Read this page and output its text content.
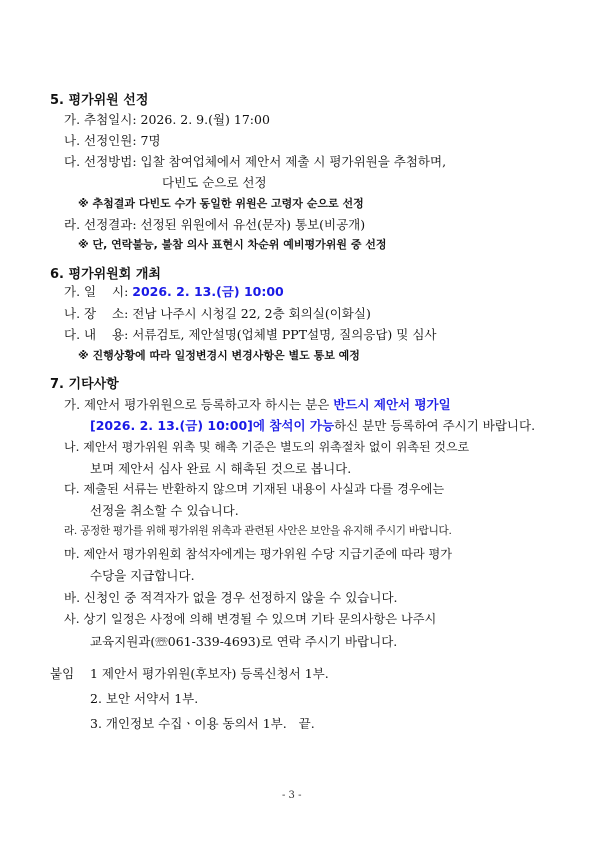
5. 평가위원 선정
가. 추첨일시: 2026. 2. 9.(월) 17:00
나. 선정인원: 7명
다. 선정방법: 입찰 참여업체에서 제안서 제출 시 평가위원을 추첨하며,
다빈도 순으로 선정
※ 추첨결과 다빈도 수가 동일한 위원은 고령자 순으로 선정
라. 선정결과: 선정된 위원에서 유선(문자) 통보(비공개)
※ 단, 연락불능, 불참 의사 표현시 차순위 예비평가위원 중 선정
6. 평가위원회 개최
가. 일    시: 2026. 2. 13.(금) 10:00
나. 장    소: 전남 나주시 시청길 22, 2층 회의실(이화실)
다. 내    용: 서류검토, 제안설명(업체별 PPT설명, 질의응답) 및 심사
※ 진행상황에 따라 일정변경시 변경사항은 별도 통보 예정
7. 기타사항
가. 제안서 평가위원으로 등록하고자 하시는 분은 반드시 제안서 평가일
[2026. 2. 13.(금) 10:00]에 참석이 가능하신 분만 등록하여 주시기 바랍니다.
나. 제안서 평가위원 위촉 및 해촉 기준은 별도의 위촉절차 없이 위촉된 것으로
보며 제안서 심사 완료 시 해촉된 것으로 봅니다.
다. 제출된 서류는 반환하지 않으며 기재된 내용이 사실과 다를 경우에는
선정을 취소할 수 있습니다.
라. 공정한 평가를 위해 평가위원 위촉과 관련된 사안은 보안을 유지해 주시기 바랍니다.
마. 제안서 평가위원회 참석자에게는 평가위원 수당 지급기준에 따라 평가
수당을 지급합니다.
바. 신청인 중 적격자가 없을 경우 선정하지 않을 수 있습니다.
사. 상기 일정은 사정에 의해 변경될 수 있으며 기타 문의사항은 나주시
교육지원과(☏061-339-4693)로 연락 주시기 바랍니다.
붙임 1 제안서 평가위원(후보자) 등록신청서 1부.
2. 보안 서약서 1부.
3. 개인정보 수집ㆍ이용 동의서 1부.   끝.
- 3 -
